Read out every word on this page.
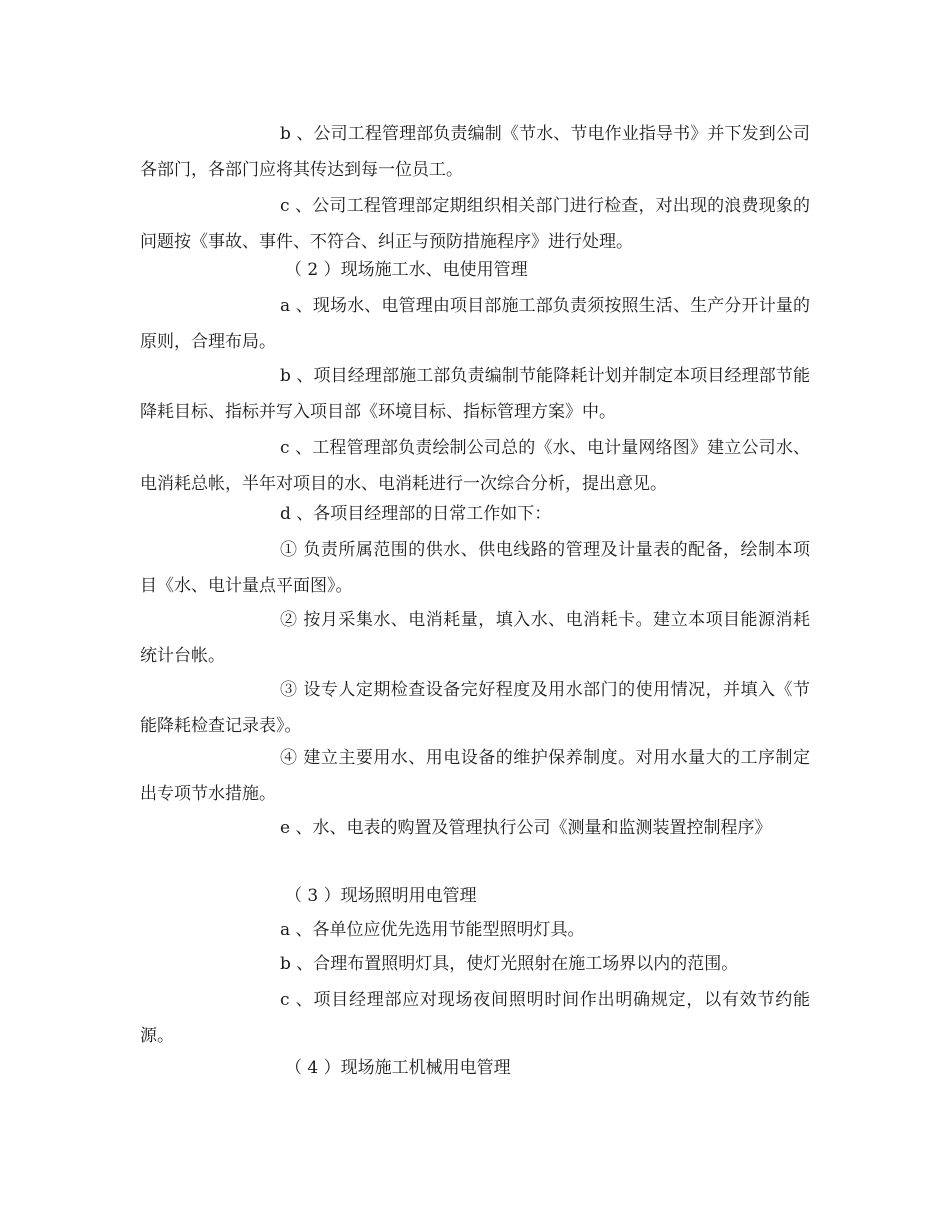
b 、公司工程管理部负责编制《节水、节电作业指导书》并下发到公司各部门，各部门应将其传达到每一位员工。

c 、公司工程管理部定期组织相关部门进行检查，对出现的浪费现象的问题按《事故、事件、不符合、纠正与预防措施程序》进行处理。

（ 2 ）现场施工水、电使用管理

a 、现场水、电管理由项目部施工部负责须按照生活、生产分开计量的原则，合理布局。

b 、项目经理部施工部负责编制节能降耗计划并制定本项目经理部节能降耗目标、指标并写入项目部《环境目标、指标管理方案》中。

c 、工程管理部负责绘制公司总的《水、电计量网络图》建立公司水、电消耗总帐，半年对项目的水、电消耗进行一次综合分析，提出意见。

d 、各项目经理部的日常工作如下：

① 负责所属范围的供水、供电线路的管理及计量表的配备，绘制本项目《水、电计量点平面图》。

② 按月采集水、电消耗量，填入水、电消耗卡。建立本项目能源消耗统计台帐。

③ 设专人定期检查设备完好程度及用水部门的使用情况，并填入《节能降耗检查记录表》。

④ 建立主要用水、用电设备的维护保养制度。对用水量大的工序制定出专项节水措施。

e 、水、电表的购置及管理执行公司《测量和监测装置控制程序》

（ 3 ）现场照明用电管理

a 、各单位应优先选用节能型照明灯具。

b 、合理布置照明灯具，使灯光照射在施工场界以内的范围。

c 、项目经理部应对现场夜间照明时间作出明确规定，以有效节约能源。

（ 4 ）现场施工机械用电管理
